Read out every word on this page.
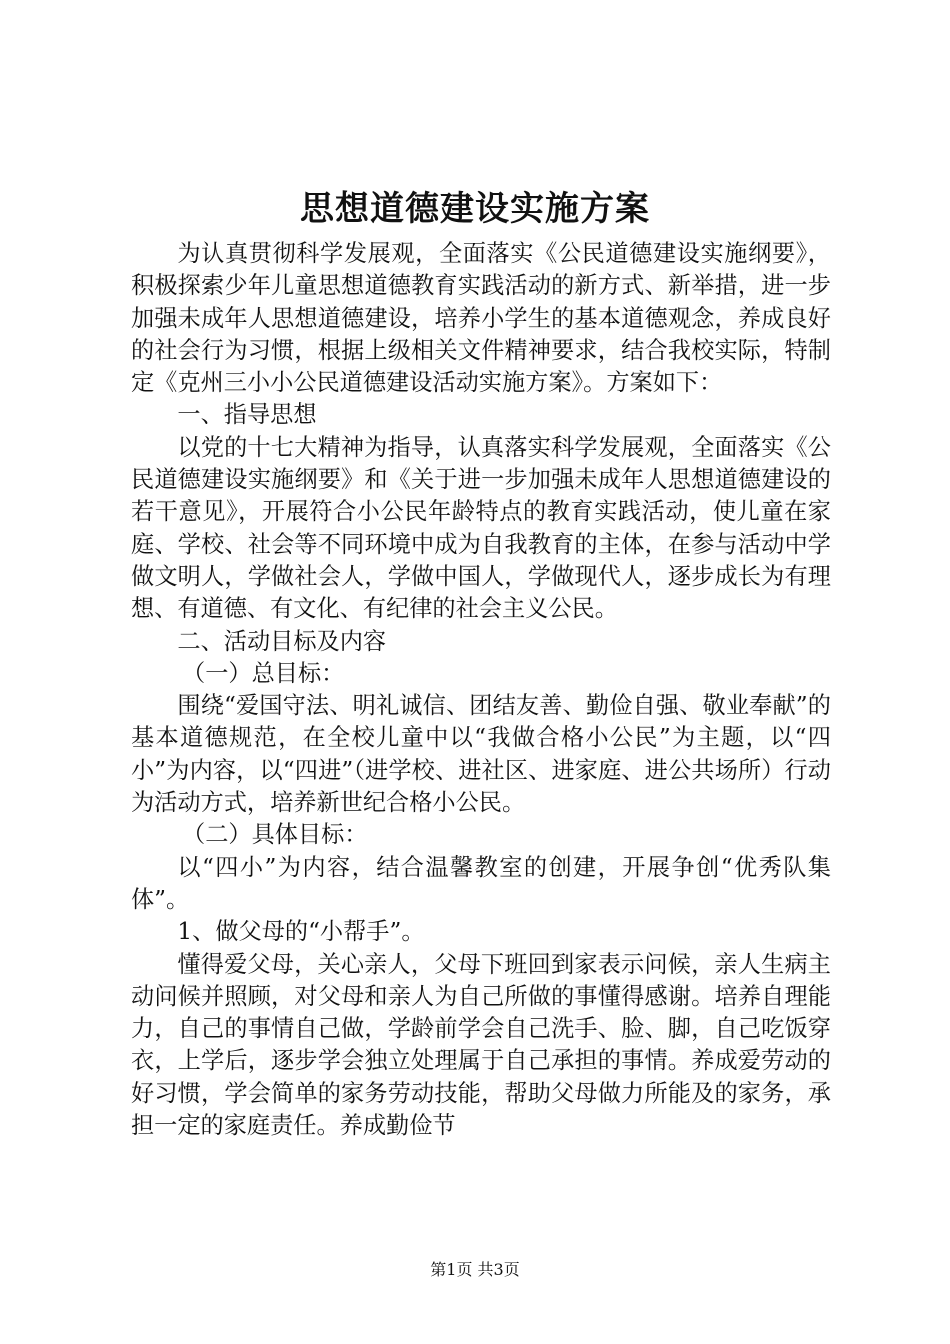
思想道德建设实施方案

为认真贯彻科学发展观，全面落实《公民道德建设实施纲要》，积极探索少年儿童思想道德教育实践活动的新方式、新举措，进一步加强未成年人思想道德建设，培养小学生的基本道德观念，养成良好的社会行为习惯，根据上级相关文件精神要求，结合我校实际，特制定《克州三小小公民道德建设活动实施方案》。方案如下：

一、指导思想

以党的十七大精神为指导，认真落实科学发展观，全面落实《公民道德建设实施纲要》和《关于进一步加强未成年人思想道德建设的若干意见》，开展符合小公民年龄特点的教育实践活动，使儿童在家庭、学校、社会等不同环境中成为自我教育的主体，在参与活动中学做文明人，学做社会人，学做中国人，学做现代人，逐步成长为有理想、有道德、有文化、有纪律的社会主义公民。

二、活动目标及内容

（一）总目标：

围绕“爱国守法、明礼诚信、团结友善、勤俭自强、敬业奉献”的基本道德规范，在全校儿童中以“我做合格小公民”为主题，以“四小”为内容，以“四进”（进学校、进社区、进家庭、进公共场所）行动为活动方式，培养新世纪合格小公民。

（二）具体目标：

以“四小”为内容，结合温馨教室的创建，开展争创“优秀队集体”。

1、做父母的“小帮手”。

懂得爱父母，关心亲人，父母下班回到家表示问候，亲人生病主动问候并照顾，对父母和亲人为自己所做的事懂得感谢。培养自理能力，自己的事情自己做，学龄前学会自己洗手、脸、脚，自己吃饭穿衣，上学后，逐步学会独立处理属于自己承担的事情。养成爱劳动的好习惯，学会简单的家务劳动技能，帮助父母做力所能及的家务，承担一定的家庭责任。养成勤俭节

第1页 共3页
